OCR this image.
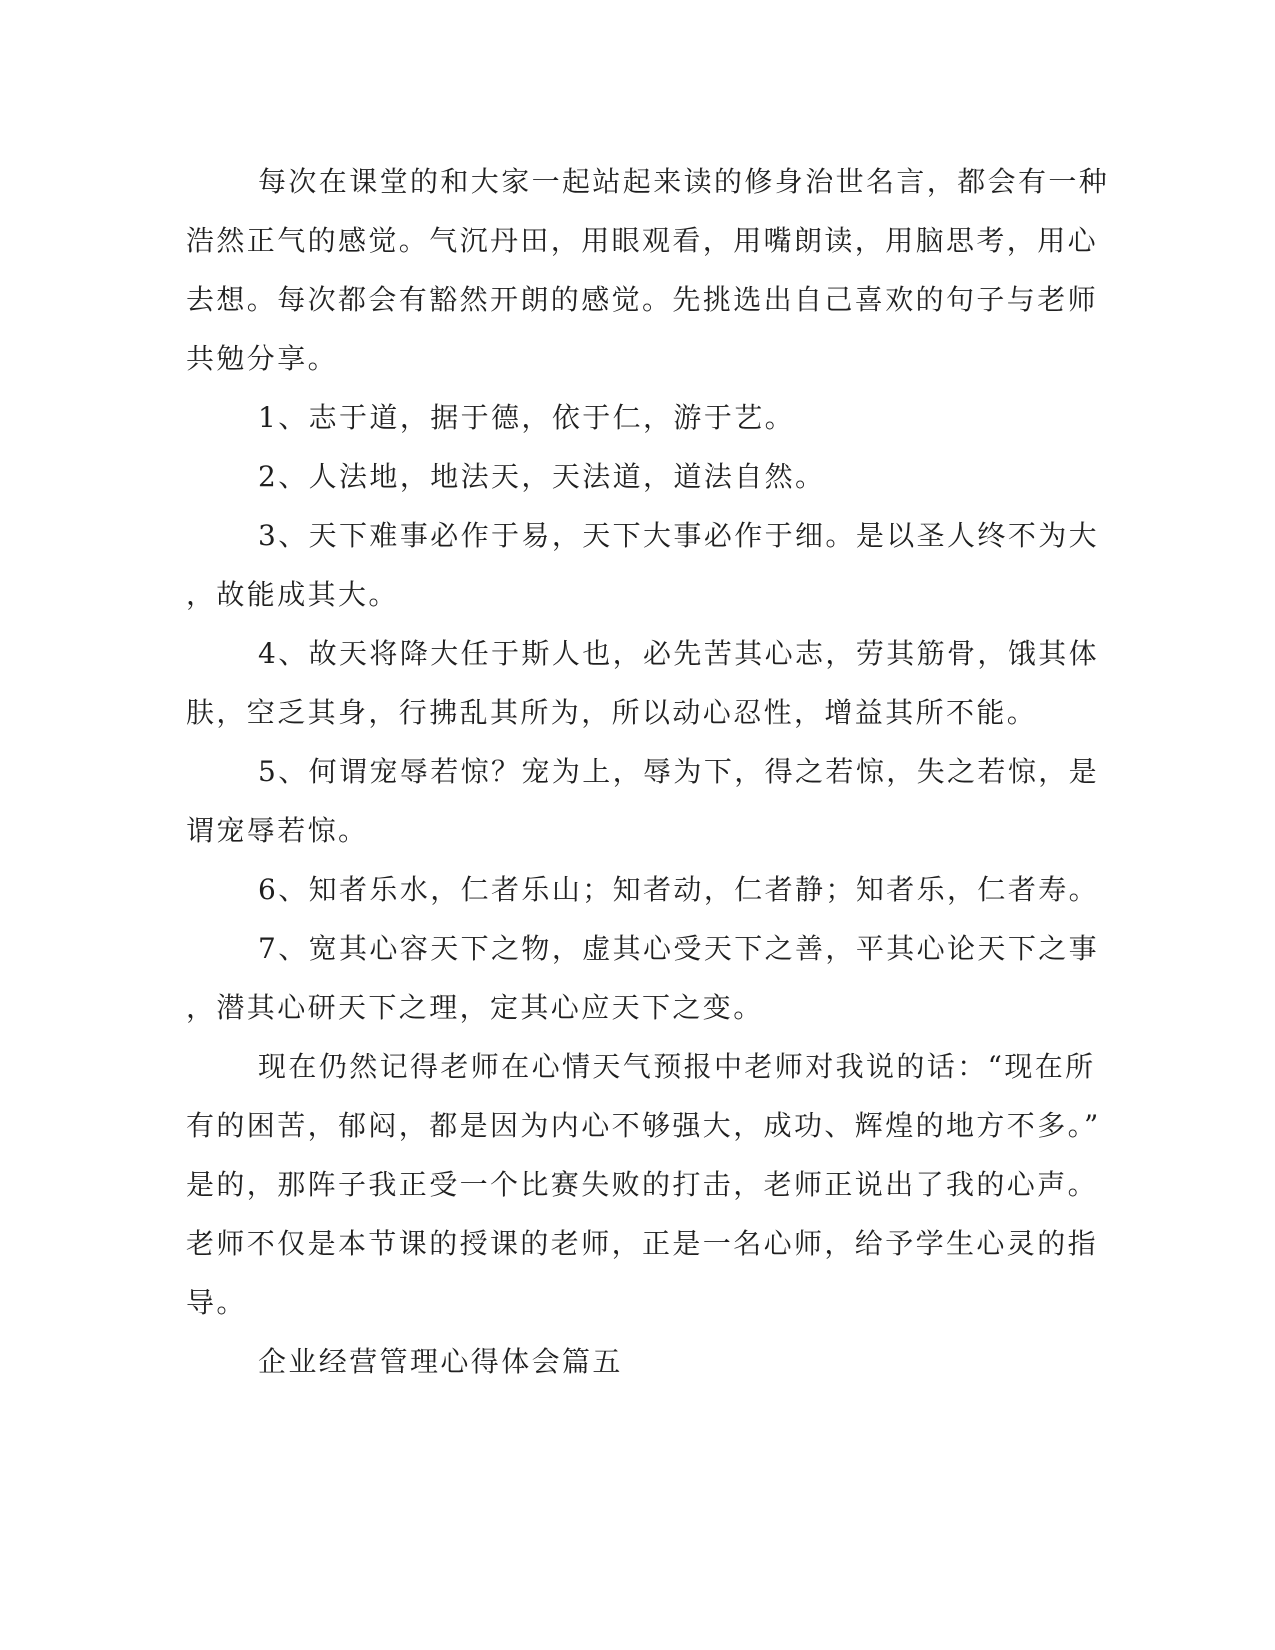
每次在课堂的和大家一起站起来读的修身治世名言，都会有一种
浩然正气的感觉。气沉丹田，用眼观看，用嘴朗读，用脑思考，用心
去想。每次都会有豁然开朗的感觉。先挑选出自己喜欢的句子与老师
共勉分享。
1、志于道，据于德，依于仁，游于艺。
2、人法地，地法天，天法道，道法自然。
3、天下难事必作于易，天下大事必作于细。是以圣人终不为大
，故能成其大。
4、故天将降大任于斯人也，必先苦其心志，劳其筋骨，饿其体
肤，空乏其身，行拂乱其所为，所以动心忍性，增益其所不能。
5、何谓宠辱若惊？宠为上，辱为下，得之若惊，失之若惊，是
谓宠辱若惊。
6、知者乐水，仁者乐山；知者动，仁者静；知者乐，仁者寿。
7、宽其心容天下之物，虚其心受天下之善，平其心论天下之事
，潜其心研天下之理，定其心应天下之变。
现在仍然记得老师在心情天气预报中老师对我说的话：“现在所
有的困苦，郁闷，都是因为内心不够强大，成功、辉煌的地方不多。”
是的，那阵子我正受一个比赛失败的打击，老师正说出了我的心声。
老师不仅是本节课的授课的老师，正是一名心师，给予学生心灵的指
导。
企业经营管理心得体会篇五
